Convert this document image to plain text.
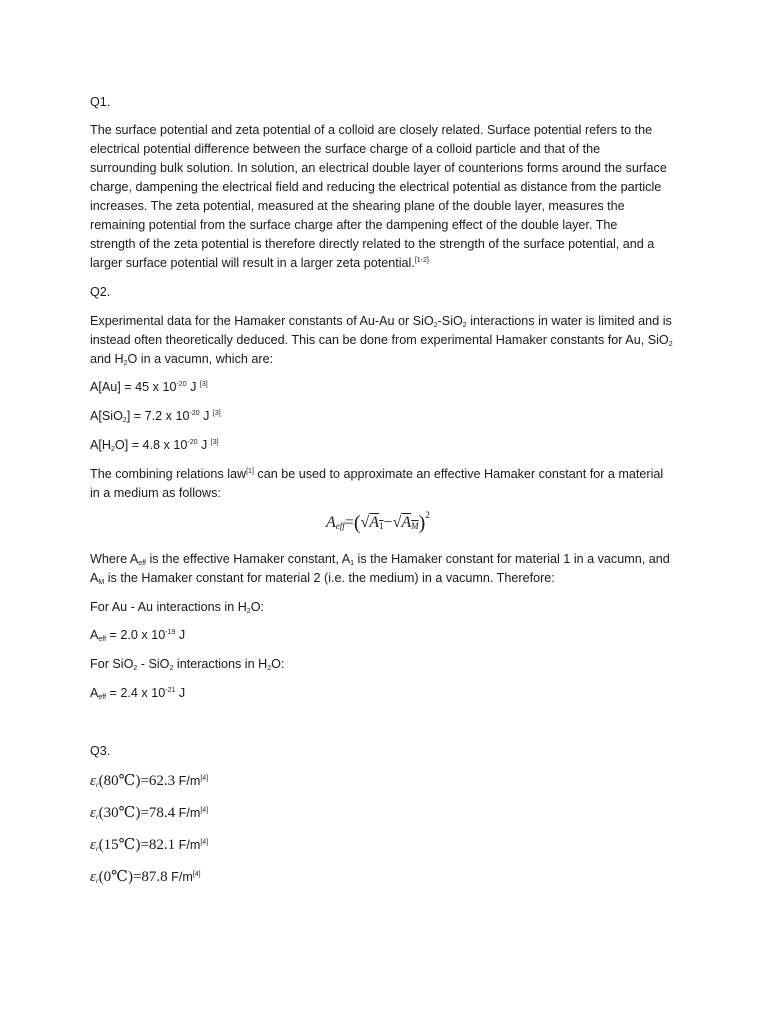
Q1.
The surface potential and zeta potential of a colloid are closely related. Surface potential refers to the
electrical potential difference between the surface charge of a colloid particle and that of the
surrounding bulk solution. In solution, an electrical double layer of counterions forms around the surface
charge, dampening the electrical field and reducing the electrical potential as distance from the particle
increases. The zeta potential, measured at the shearing plane of the double layer, measures the
remaining potential from the surface charge after the dampening effect of the double layer. The
strength of the zeta potential is therefore directly related to the strength of the surface potential, and a
larger surface potential will result in a larger zeta potential.[1-2]
Q2.
Experimental data for the Hamaker constants of Au-Au or SiO$_2$-SiO$_2$ interactions in water is limited and is
instead often theoretically deduced. This can be done from experimental Hamaker constants for Au, SiO$_2$
and $H_2O$ in a vacumn, which are:
A[Au] = 45 x $10^{-20}$ J [3]
A[SiO$_2$] = 7.2 x $10^{-20}$ J [3]
$A[H_2O] = 4.8$ x $10^{-20}$ J [3]
The combining relations law[1] can be used to approximate an effective Hamaker constant for a material
in a medium as follows:
$A_{eff}=(√A_1-√A_M)^2$
Where $A_{eff}$ is the effective Hamaker constant, $A_1$ is the Hamaker constant for material 1 in a vacumn, and
$A_M$ is the Hamaker constant for material 2 (i.e. the medium) in a vacumn. Therefore:
For Au - Au interactions in $H_2O$:
$A_{eff} = 2.0$ x $10^{-19}$ J
For SiO$_2$ - SiO$_2$ interactions in $H_2O$:
$A_{eff} = 2.4$ x $10^{-21}$ J
Q3.
$\varepsilon_r(80℃)=62.3$ F/m[4]
$\varepsilon_r(30℃)=78.4$ F/m[4]
$\varepsilon_r(15℃)=82.1$ F/m[4]
$\varepsilon_r(0℃)=87.8$ F/m[4]
